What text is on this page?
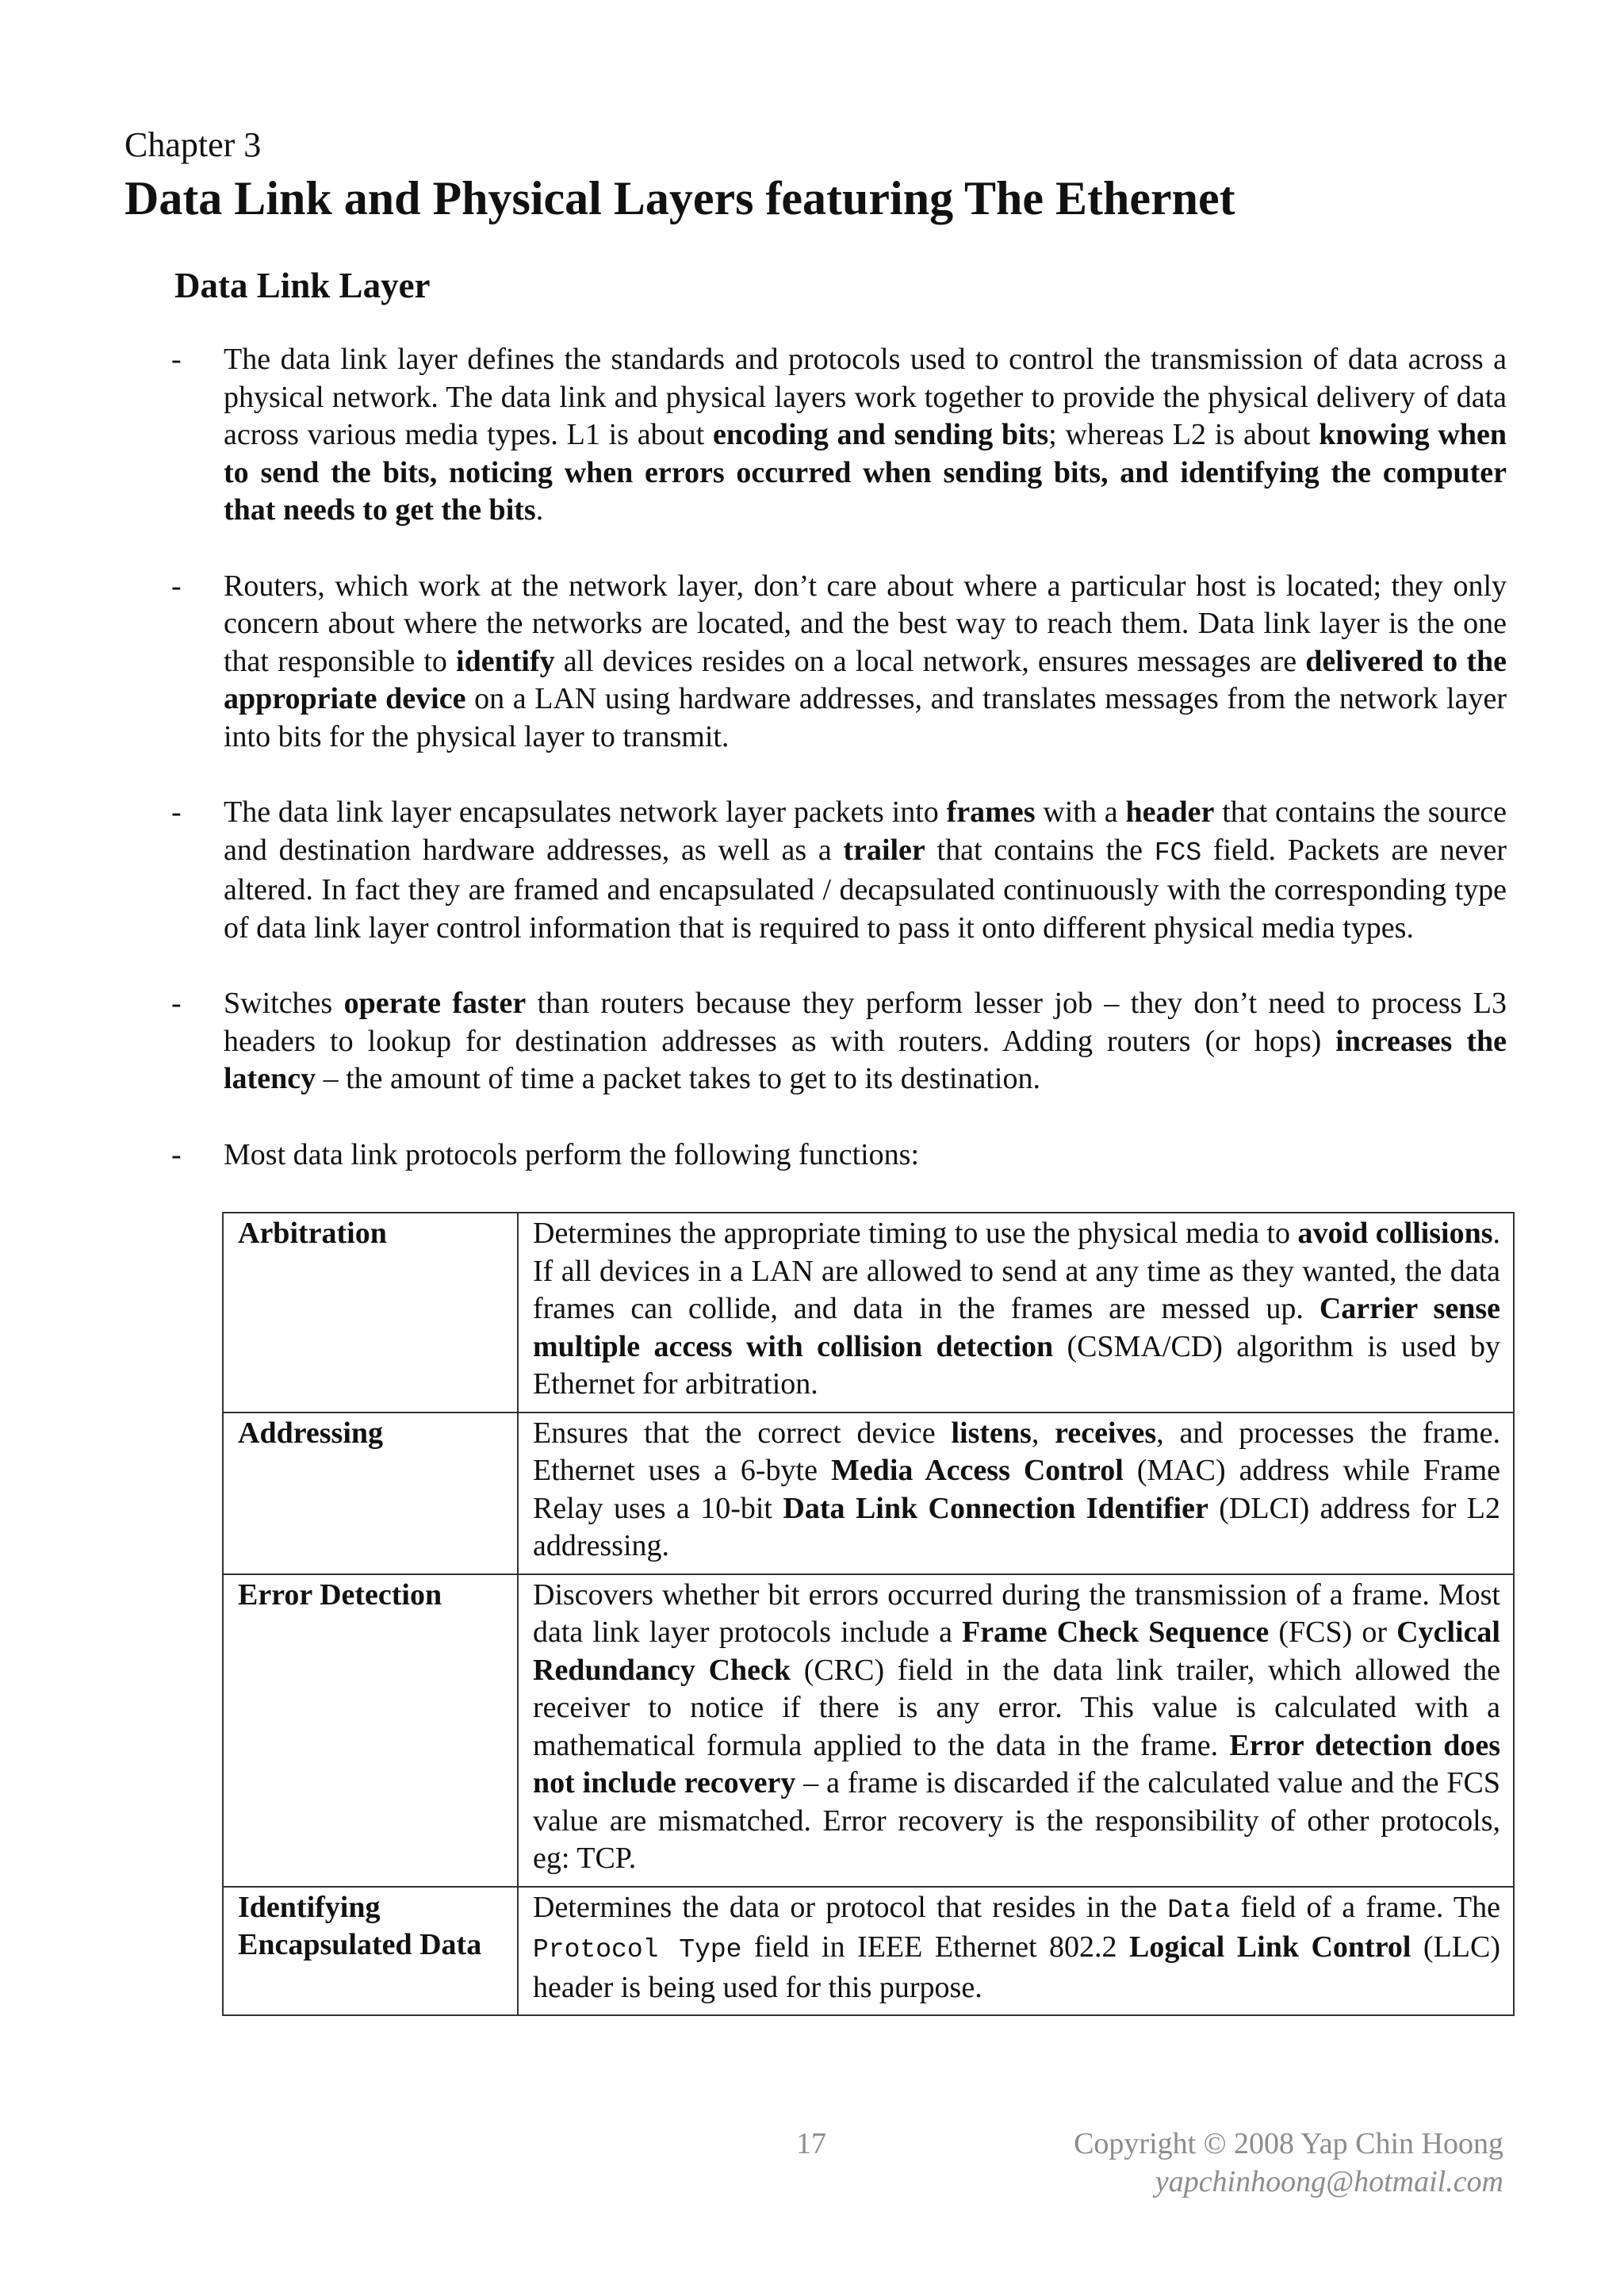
Chapter 3
Data Link and Physical Layers featuring The Ethernet
Data Link Layer
- The data link layer defines the standards and protocols used to control the transmission of data across a physical network. The data link and physical layers work together to provide the physical delivery of data across various media types. L1 is about encoding and sending bits; whereas L2 is about knowing when to send the bits, noticing when errors occurred when sending bits, and identifying the computer that needs to get the bits.
- Routers, which work at the network layer, don’t care about where a particular host is located; they only concern about where the networks are located, and the best way to reach them. Data link layer is the one that responsible to identify all devices resides on a local network, ensures messages are delivered to the appropriate device on a LAN using hardware addresses, and translates messages from the network layer into bits for the physical layer to transmit.
- The data link layer encapsulates network layer packets into frames with a header that contains the source and destination hardware addresses, as well as a trailer that contains the FCS field. Packets are never altered. In fact they are framed and encapsulated / decapsulated continuously with the corresponding type of data link layer control information that is required to pass it onto different physical media types.
- Switches operate faster than routers because they perform lesser job – they don’t need to process L3 headers to lookup for destination addresses as with routers. Adding routers (or hops) increases the latency – the amount of time a packet takes to get to its destination.
- Most data link protocols perform the following functions:
Arbitration	Determines the appropriate timing to use the physical media to avoid collisions. If all devices in a LAN are allowed to send at any time as they wanted, the data frames can collide, and data in the frames are messed up. Carrier sense multiple access with collision detection (CSMA/CD) algorithm is used by Ethernet for arbitration.
Addressing	Ensures that the correct device listens, receives, and processes the frame. Ethernet uses a 6-byte Media Access Control (MAC) address while Frame Relay uses a 10-bit Data Link Connection Identifier (DLCI) address for L2 addressing.
Error Detection	Discovers whether bit errors occurred during the transmission of a frame. Most data link layer protocols include a Frame Check Sequence (FCS) or Cyclical Redundancy Check (CRC) field in the data link trailer, which allowed the receiver to notice if there is any error. This value is calculated with a mathematical formula applied to the data in the frame. Error detection does not include recovery – a frame is discarded if the calculated value and the FCS value are mismatched. Error recovery is the responsibility of other protocols, eg: TCP.
Identifying Encapsulated Data	Determines the data or protocol that resides in the Data field of a frame. The Protocol Type field in IEEE Ethernet 802.2 Logical Link Control (LLC) header is being used for this purpose.
17	Copyright © 2008 Yap Chin Hoong
yapchinhoong@hotmail.com
